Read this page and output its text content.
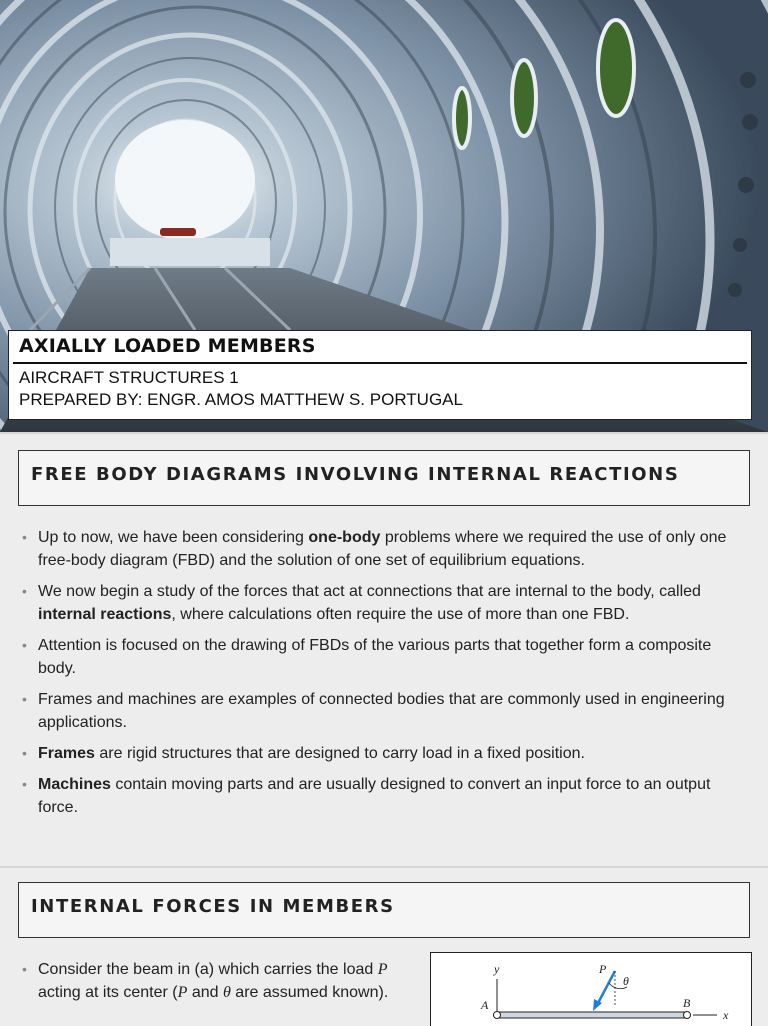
AXIALLY LOADED MEMBERS
AIRCRAFT STRUCTURES 1
PREPARED BY: ENGR. AMOS MATTHEW S. PORTUGAL
FREE BODY DIAGRAMS INVOLVING INTERNAL REACTIONS
• Up to now, we have been considering one-body problems where we required the use of only one free-body diagram (FBD) and the solution of one set of equilibrium equations.
• We now begin a study of the forces that act at connections that are internal to the body, called internal reactions, where calculations often require the use of more than one FBD.
• Attention is focused on the drawing of FBDs of the various parts that together form a composite body.
• Frames and machines are examples of connected bodies that are commonly used in engineering applications.
• Frames are rigid structures that are designed to carry load in a fixed position.
• Machines contain moving parts and are usually designed to convert an input force to an output force.
INTERNAL FORCES IN MEMBERS
• Consider the beam in (a) which carries the load P acting at its center (P and θ are assumed known).
y
A	B
x
P
θ
